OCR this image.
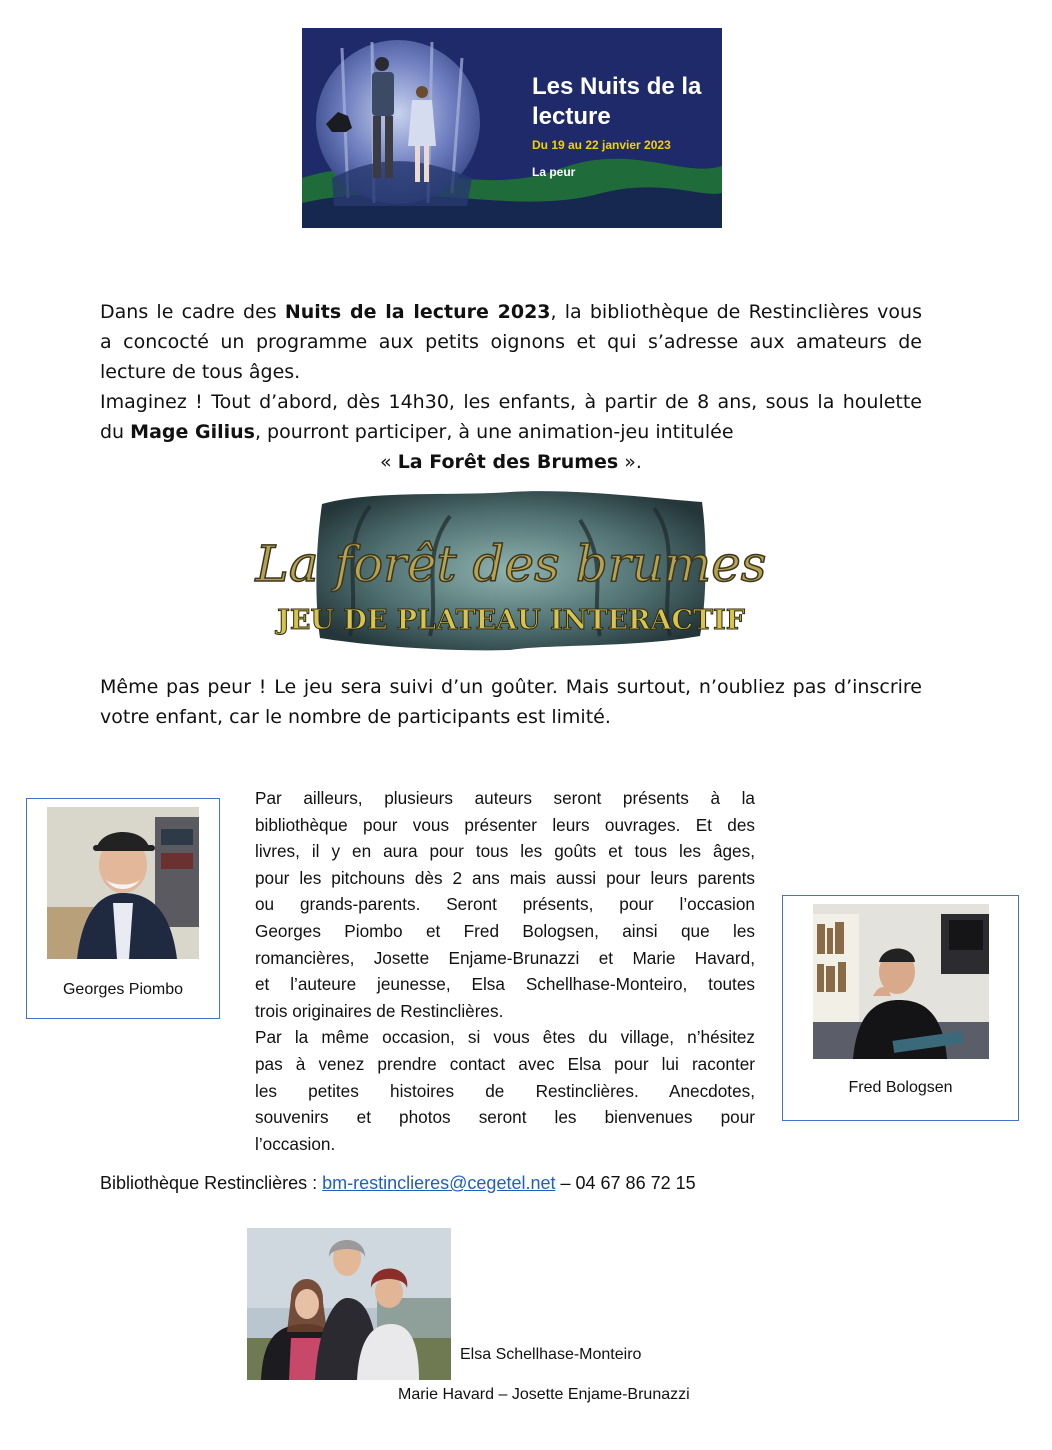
Les Nuits de la lecture
Du 19 au 22 janvier 2023
La peur
Dans le cadre des Nuits de la lecture 2023, la bibliothèque de Restinclières vous
a concocté un programme aux petits oignons et qui s’adresse aux amateurs de
lecture de tous âges.
Imaginez ! Tout d’abord, dès 14h30, les enfants, à partir de 8 ans, sous la houlette
du Mage Gilius, pourront participer, à une animation-jeu intitulée
« La Forêt des Brumes ».
La forêt des brumes
JEU DE PLATEAU INTERACTIF
Même pas peur ! Le jeu sera suivi d’un goûter. Mais surtout, n’oubliez pas d’inscrire
votre enfant, car le nombre de participants est limité.
Georges Piombo
Par ailleurs, plusieurs auteurs seront présents à la
bibliothèque pour vous présenter leurs ouvrages. Et des
livres, il y en aura pour tous les goûts et tous les âges,
pour les pitchouns dès 2 ans mais aussi pour leurs parents
ou grands-parents. Seront présents, pour l’occasion
Georges Piombo et Fred Bologsen, ainsi que les
romancières, Josette Enjame-Brunazzi et Marie Havard,
et l’auteure jeunesse, Elsa Schellhase-Monteiro, toutes
trois originaires de Restinclières.
Par la même occasion, si vous êtes du village, n’hésitez
pas à venez prendre contact avec Elsa pour lui raconter
les petites histoires de Restinclières. Anecdotes,
souvenirs et photos seront les bienvenues pour
l’occasion.
Fred Bologsen
Bibliothèque Restinclières : bm-restinclieres@cegetel.net – 04 67 86 72 15
Elsa Schellhase-Monteiro
Marie Havard – Josette Enjame-Brunazzi
